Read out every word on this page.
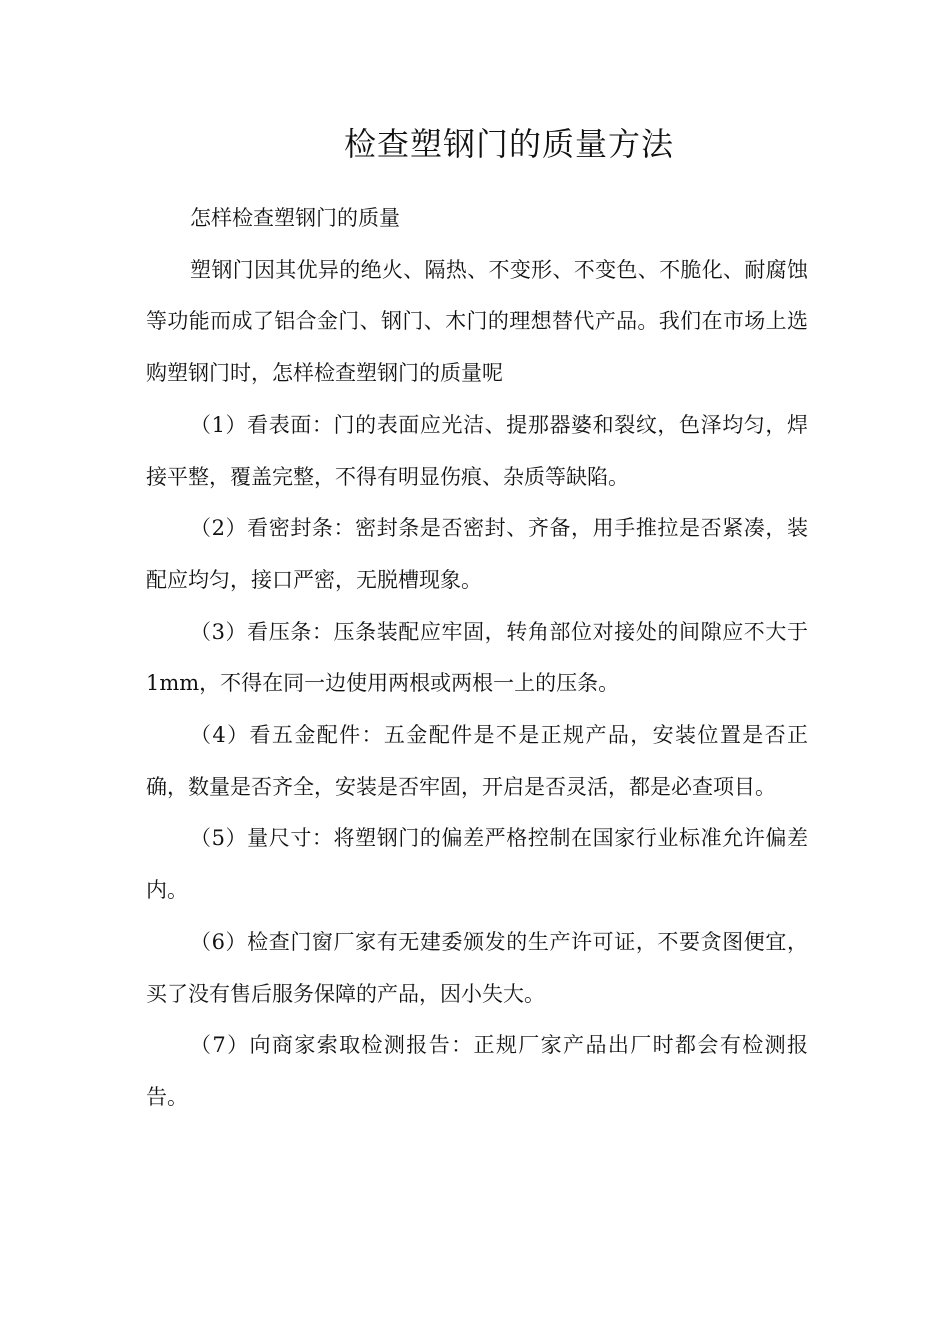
检查塑钢门的质量方法

怎样检查塑钢门的质量

塑钢门因其优异的绝火、隔热、不变形、不变色、不脆化、耐腐蚀等功能而成了铝合金门、钢门、木门的理想替代产品。我们在市场上选购塑钢门时，怎样检查塑钢门的质量呢

（1）看表面：门的表面应光洁、提那器婆和裂纹，色泽均匀，焊接平整，覆盖完整，不得有明显伤痕、杂质等缺陷。

（2）看密封条：密封条是否密封、齐备，用手推拉是否紧凑，装配应均匀，接口严密，无脱槽现象。

（3）看压条：压条装配应牢固，转角部位对接处的间隙应不大于 1mm，不得在同一边使用两根或两根一上的压条。

（4）看五金配件：五金配件是不是正规产品，安装位置是否正确，数量是否齐全，安装是否牢固，开启是否灵活，都是必查项目。

（5）量尺寸：将塑钢门的偏差严格控制在国家行业标准允许偏差内。

（6）检查门窗厂家有无建委颁发的生产许可证，不要贪图便宜，买了没有售后服务保障的产品，因小失大。

（7）向商家索取检测报告：正规厂家产品出厂时都会有检测报告。
